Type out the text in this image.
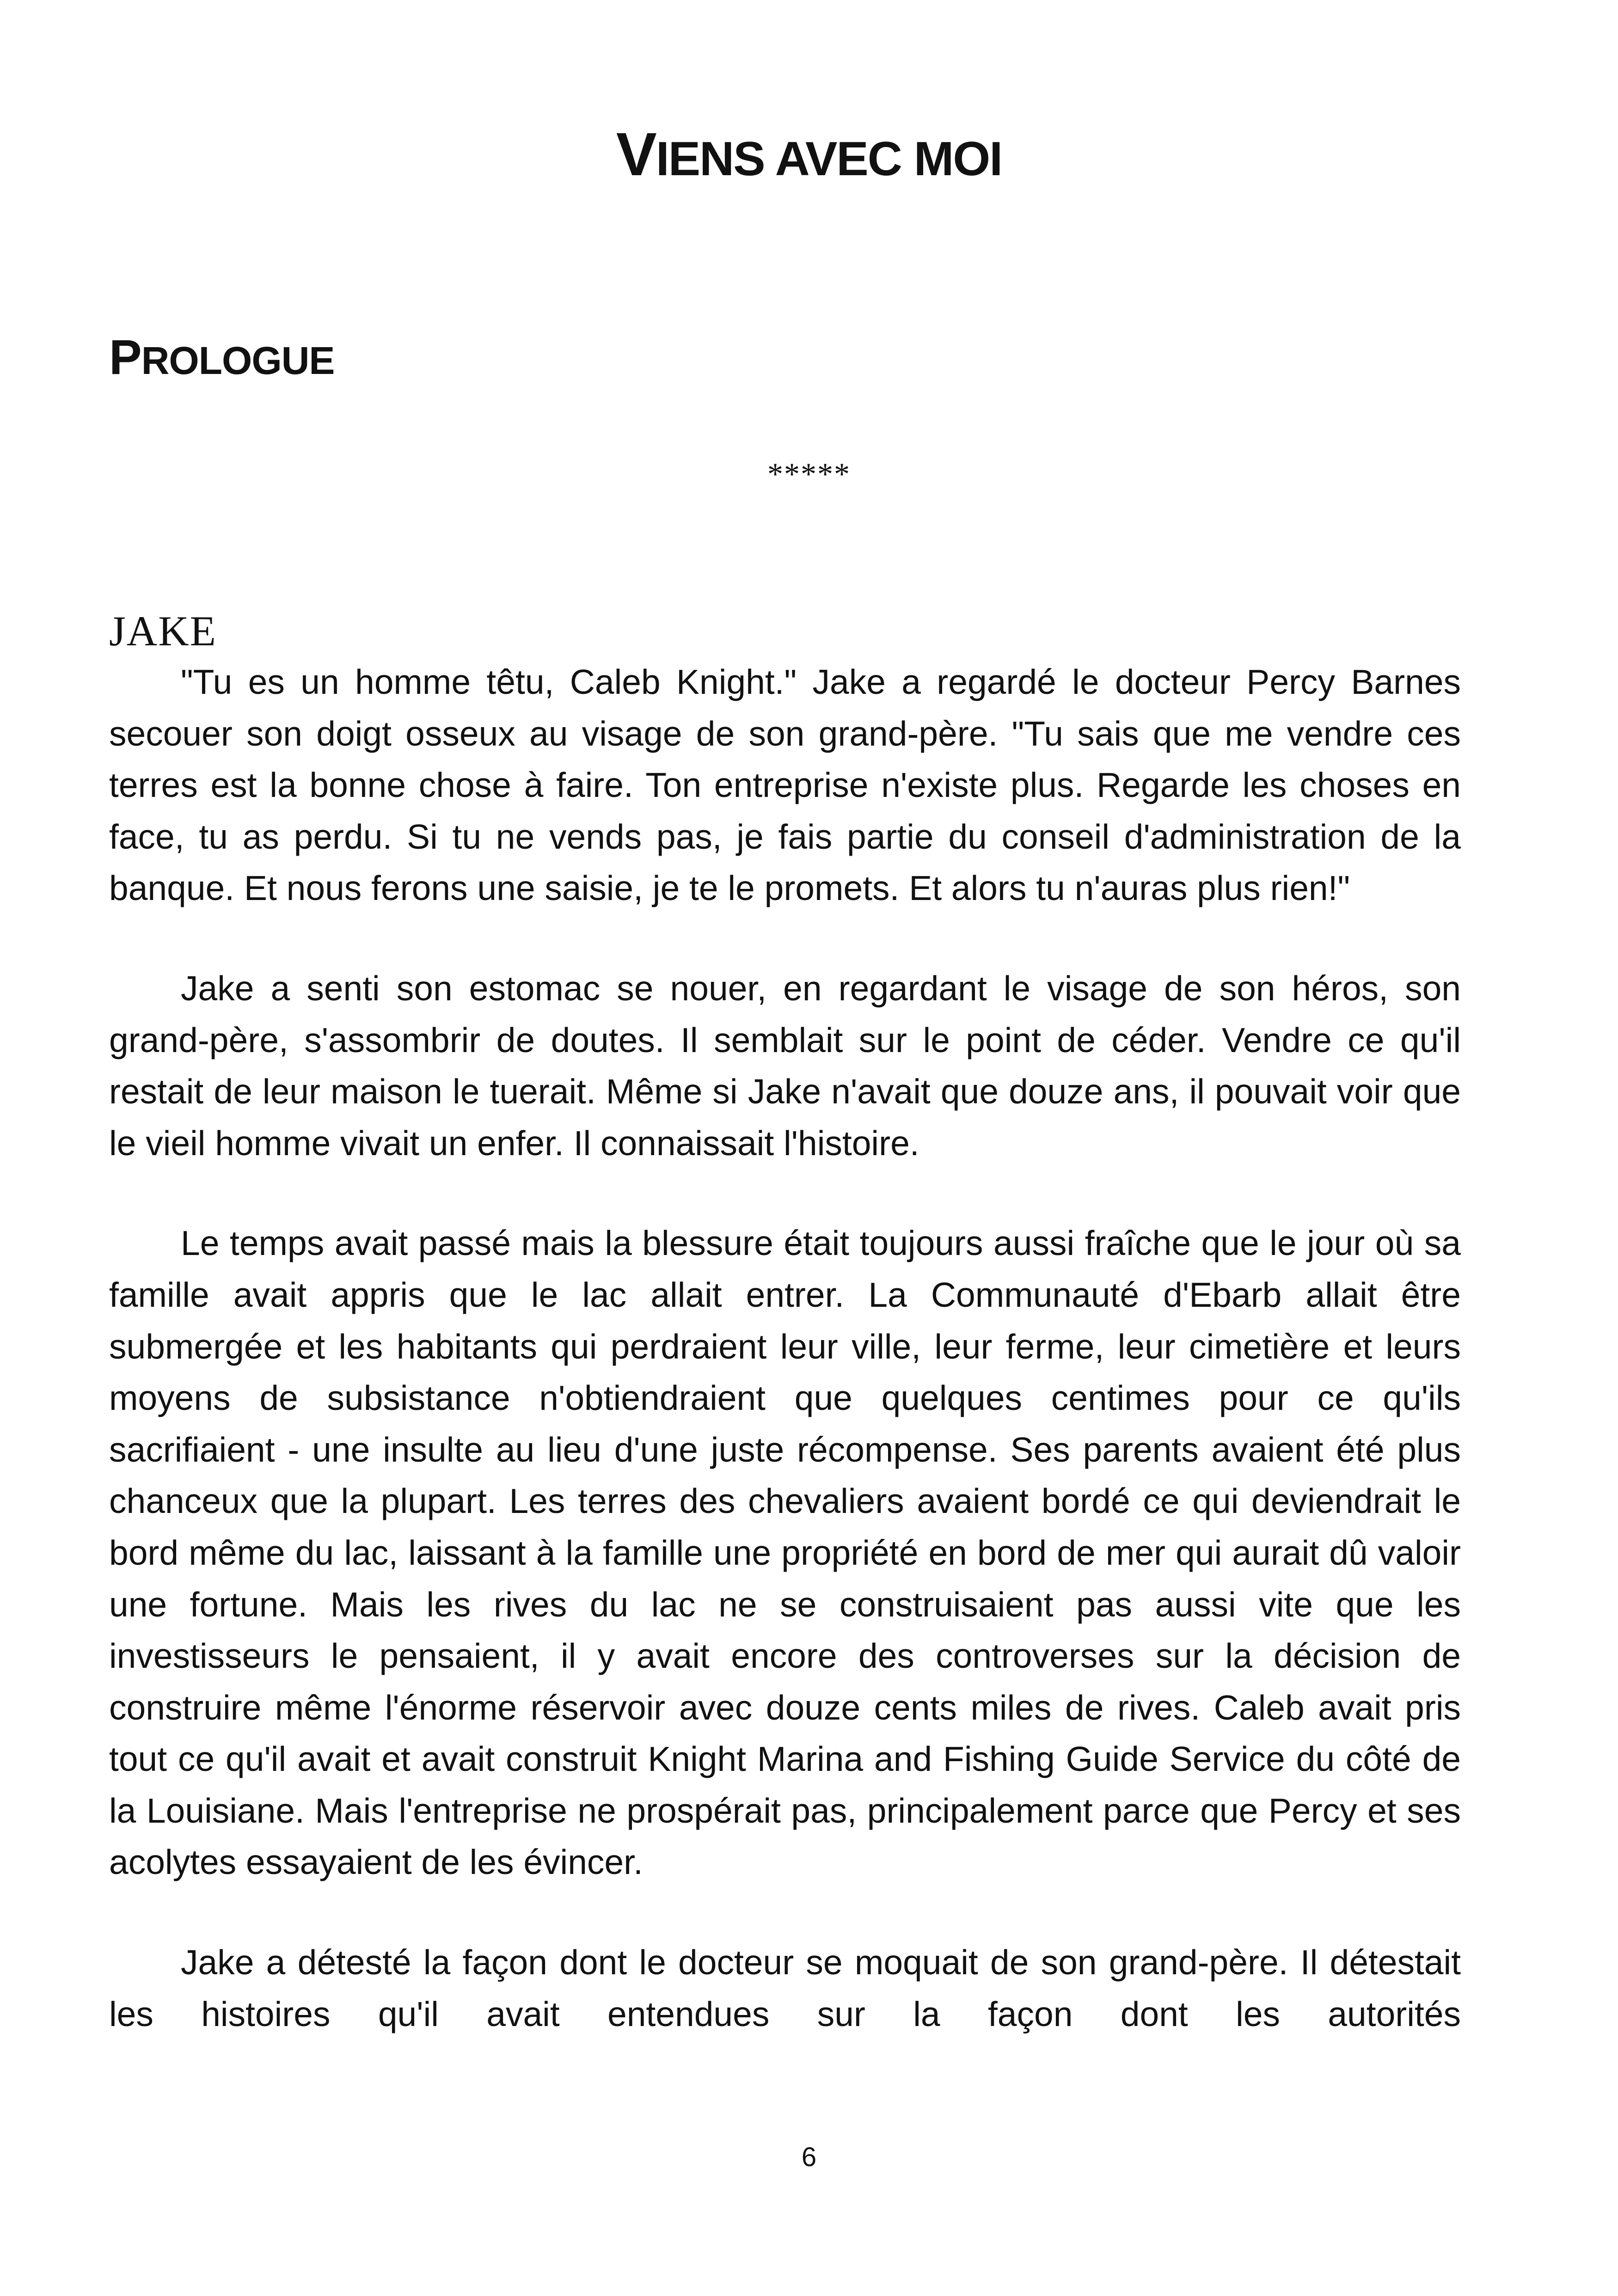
VIENS AVEC MOI
PROLOGUE
*****
JAKE

"Tu es un homme têtu, Caleb Knight." Jake a regardé le docteur Percy Barnes secouer son doigt osseux au visage de son grand-père. "Tu sais que me vendre ces terres est la bonne chose à faire. Ton entreprise n'existe plus. Regarde les choses en face, tu as perdu. Si tu ne vends pas, je fais partie du conseil d'administration de la banque. Et nous ferons une saisie, je te le promets. Et alors tu n'auras plus rien!"

Jake a senti son estomac se nouer, en regardant le visage de son héros, son grand-père, s'assombrir de doutes. Il semblait sur le point de céder. Vendre ce qu'il restait de leur maison le tuerait. Même si Jake n'avait que douze ans, il pouvait voir que le vieil homme vivait un enfer. Il connaissait l'histoire.

Le temps avait passé mais la blessure était toujours aussi fraîche que le jour où sa famille avait appris que le lac allait entrer. La Communauté d'Ebarb allait être submergée et les habitants qui perdraient leur ville, leur ferme, leur cimetière et leurs moyens de subsistance n'obtiendraient que quelques centimes pour ce qu'ils sacrifiaient - une insulte au lieu d'une juste récompense. Ses parents avaient été plus chanceux que la plupart. Les terres des chevaliers avaient bordé ce qui deviendrait le bord même du lac, laissant à la famille une propriété en bord de mer qui aurait dû valoir une fortune. Mais les rives du lac ne se construisaient pas aussi vite que les investisseurs le pensaient, il y avait encore des controverses sur la décision de construire même l'énorme réservoir avec douze cents miles de rives. Caleb avait pris tout ce qu'il avait et avait construit Knight Marina and Fishing Guide Service du côté de la Louisiane. Mais l'entreprise ne prospérait pas, principalement parce que Percy et ses acolytes essayaient de les évincer.

Jake a détesté la façon dont le docteur se moquait de son grand-père. Il détestait les histoires qu'il avait entendues sur la façon dont les autorités

6
